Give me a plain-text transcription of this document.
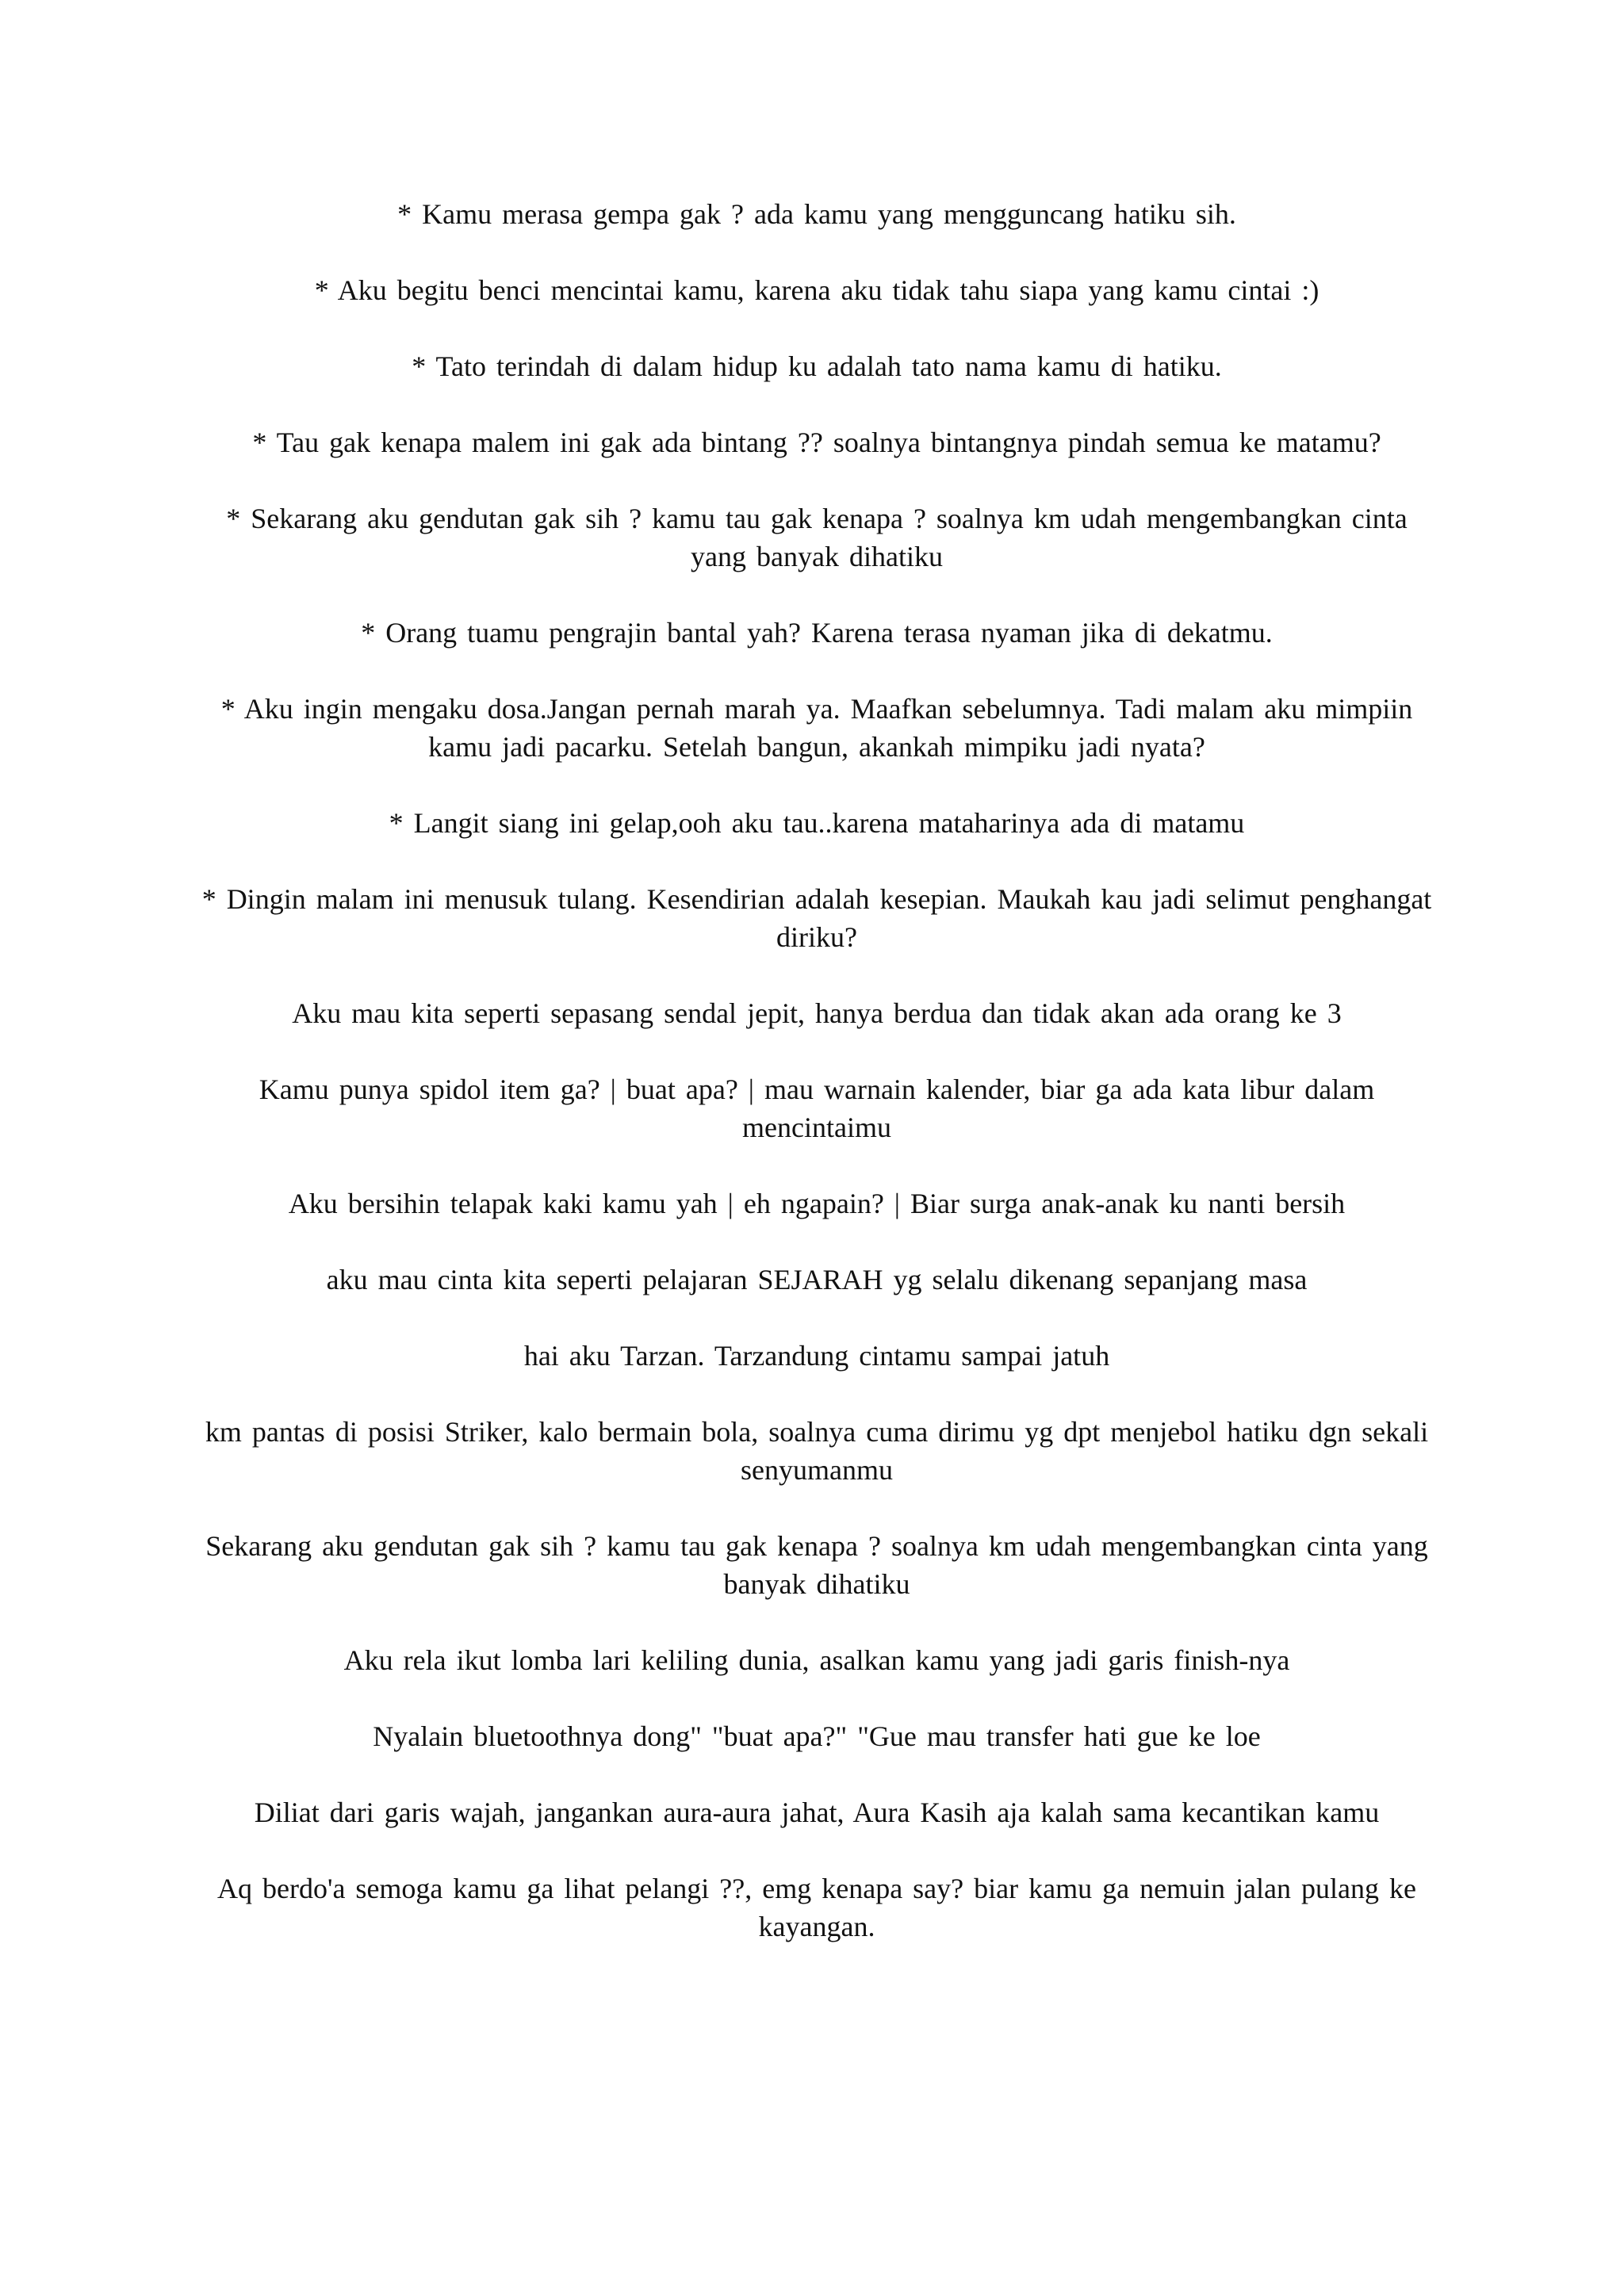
* Kamu merasa gempa gak ? ada kamu yang mengguncang hatiku sih.

* Aku begitu benci mencintai kamu, karena aku tidak tahu siapa yang kamu cintai :)

* Tato terindah di dalam hidup ku adalah tato nama kamu di hatiku.

* Tau gak kenapa malem ini gak ada bintang ?? soalnya bintangnya pindah semua ke matamu?

* Sekarang aku gendutan gak sih ? kamu tau gak kenapa ? soalnya km udah mengembangkan cinta yang banyak dihatiku

* Orang tuamu pengrajin bantal yah? Karena terasa nyaman jika di dekatmu.

* Aku ingin mengaku dosa.Jangan pernah marah ya. Maafkan sebelumnya. Tadi malam aku mimpiin kamu jadi pacarku. Setelah bangun, akankah mimpiku jadi nyata?

* Langit siang ini gelap,ooh aku tau..karena mataharinya ada di matamu

* Dingin malam ini menusuk tulang. Kesendirian adalah kesepian. Maukah kau jadi selimut penghangat diriku?

Aku mau kita seperti sepasang sendal jepit, hanya berdua dan tidak akan ada orang ke 3

Kamu punya spidol item ga? | buat apa? | mau warnain kalender, biar ga ada kata libur dalam mencintaimu

Aku bersihin telapak kaki kamu yah | eh ngapain? | Biar surga anak-anak ku nanti bersih

aku mau cinta kita seperti pelajaran SEJARAH yg selalu dikenang sepanjang masa

hai aku Tarzan. Tarzandung cintamu sampai jatuh

km pantas di posisi Striker, kalo bermain bola, soalnya cuma dirimu yg dpt menjebol hatiku dgn sekali senyumanmu

Sekarang aku gendutan gak sih ? kamu tau gak kenapa ? soalnya km udah mengembangkan cinta yang banyak dihatiku

Aku rela ikut lomba lari keliling dunia, asalkan kamu yang jadi garis finish-nya

Nyalain bluetoothnya dong" "buat apa?" "Gue mau transfer hati gue ke loe

Diliat dari garis wajah, jangankan aura-aura jahat, Aura Kasih aja kalah sama kecantikan kamu

Aq berdo'a semoga kamu ga lihat pelangi ??, emg kenapa say? biar kamu ga nemuin jalan pulang ke kayangan.
